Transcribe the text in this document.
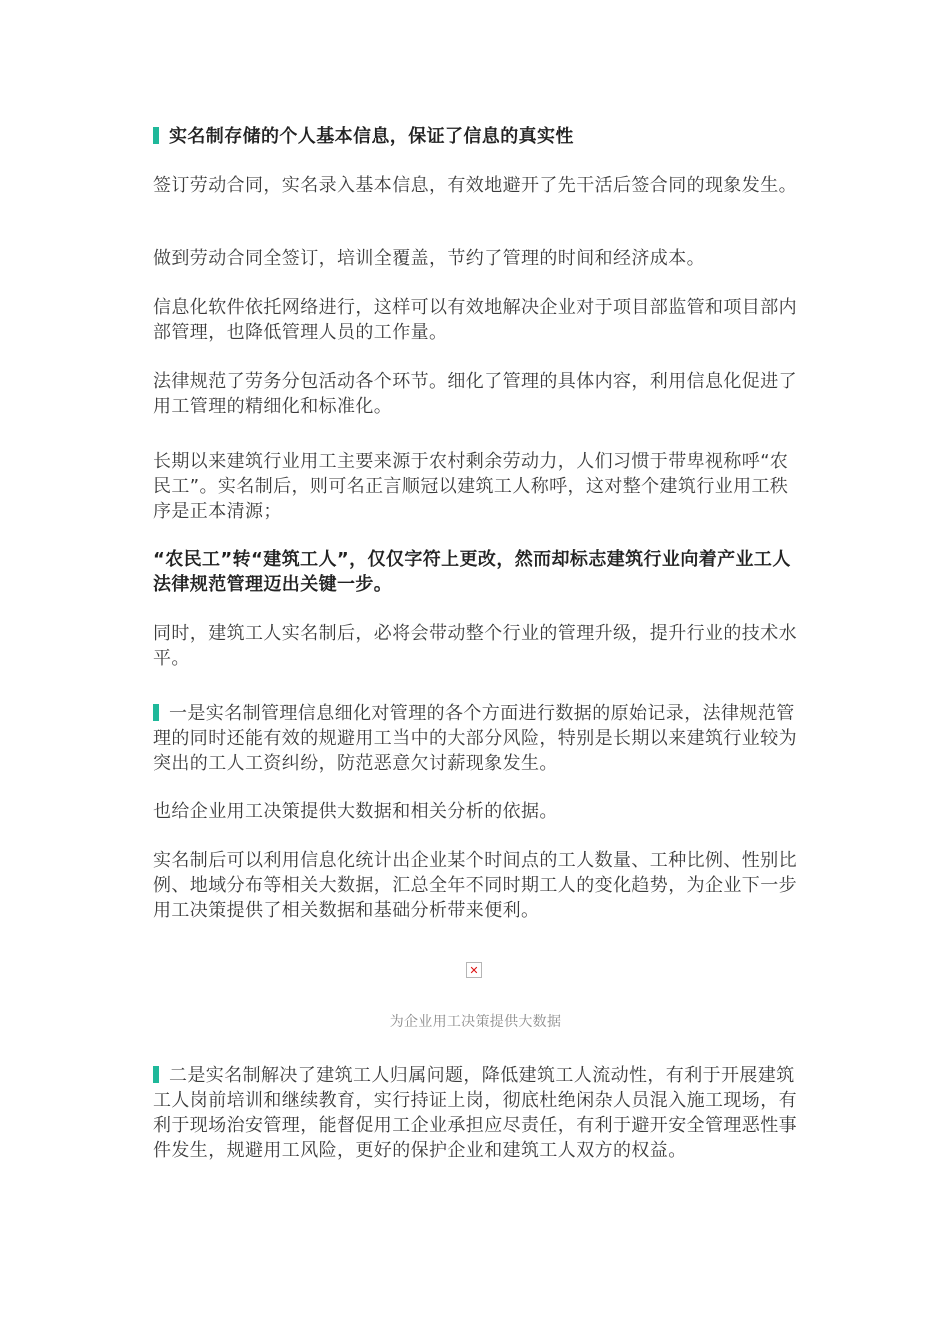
实名制存储的个人基本信息，保证了信息的真实性

签订劳动合同，实名录入基本信息，有效地避开了先干活后签合同的现象发生。

做到劳动合同全签订，培训全覆盖，节约了管理的时间和经济成本。

信息化软件依托网络进行，这样可以有效地解决企业对于项目部监管和项目部内部管理，也降低管理人员的工作量。

法律规范了劳务分包活动各个环节。细化了管理的具体内容，利用信息化促进了用工管理的精细化和标准化。

长期以来建筑行业用工主要来源于农村剩余劳动力，人们习惯于带卑视称呼“农民工”。实名制后，则可名正言顺冠以建筑工人称呼，这对整个建筑行业用工秩序是正本清源；

“农民工”转“建筑工人”，仅仅字符上更改，然而却标志建筑行业向着产业工人法律规范管理迈出关键一步。

同时，建筑工人实名制后，必将会带动整个行业的管理升级，提升行业的技术水平。

一是实名制管理信息细化对管理的各个方面进行数据的原始记录，法律规范管理的同时还能有效的规避用工当中的大部分风险，特别是长期以来建筑行业较为突出的工人工资纠纷，防范恶意欠讨薪现象发生。

也给企业用工决策提供大数据和相关分析的依据。

实名制后可以利用信息化统计出企业某个时间点的工人数量、工种比例、性别比例、地域分布等相关大数据，汇总全年不同时期工人的变化趋势，为企业下一步用工决策提供了相关数据和基础分析带来便利。

✕
为企业用工决策提供大数据

二是实名制解决了建筑工人归属问题，降低建筑工人流动性，有利于开展建筑工人岗前培训和继续教育，实行持证上岗，彻底杜绝闲杂人员混入施工现场，有利于现场治安管理，能督促用工企业承担应尽责任，有利于避开安全管理恶性事件发生，规避用工风险，更好的保护企业和建筑工人双方的权益。
